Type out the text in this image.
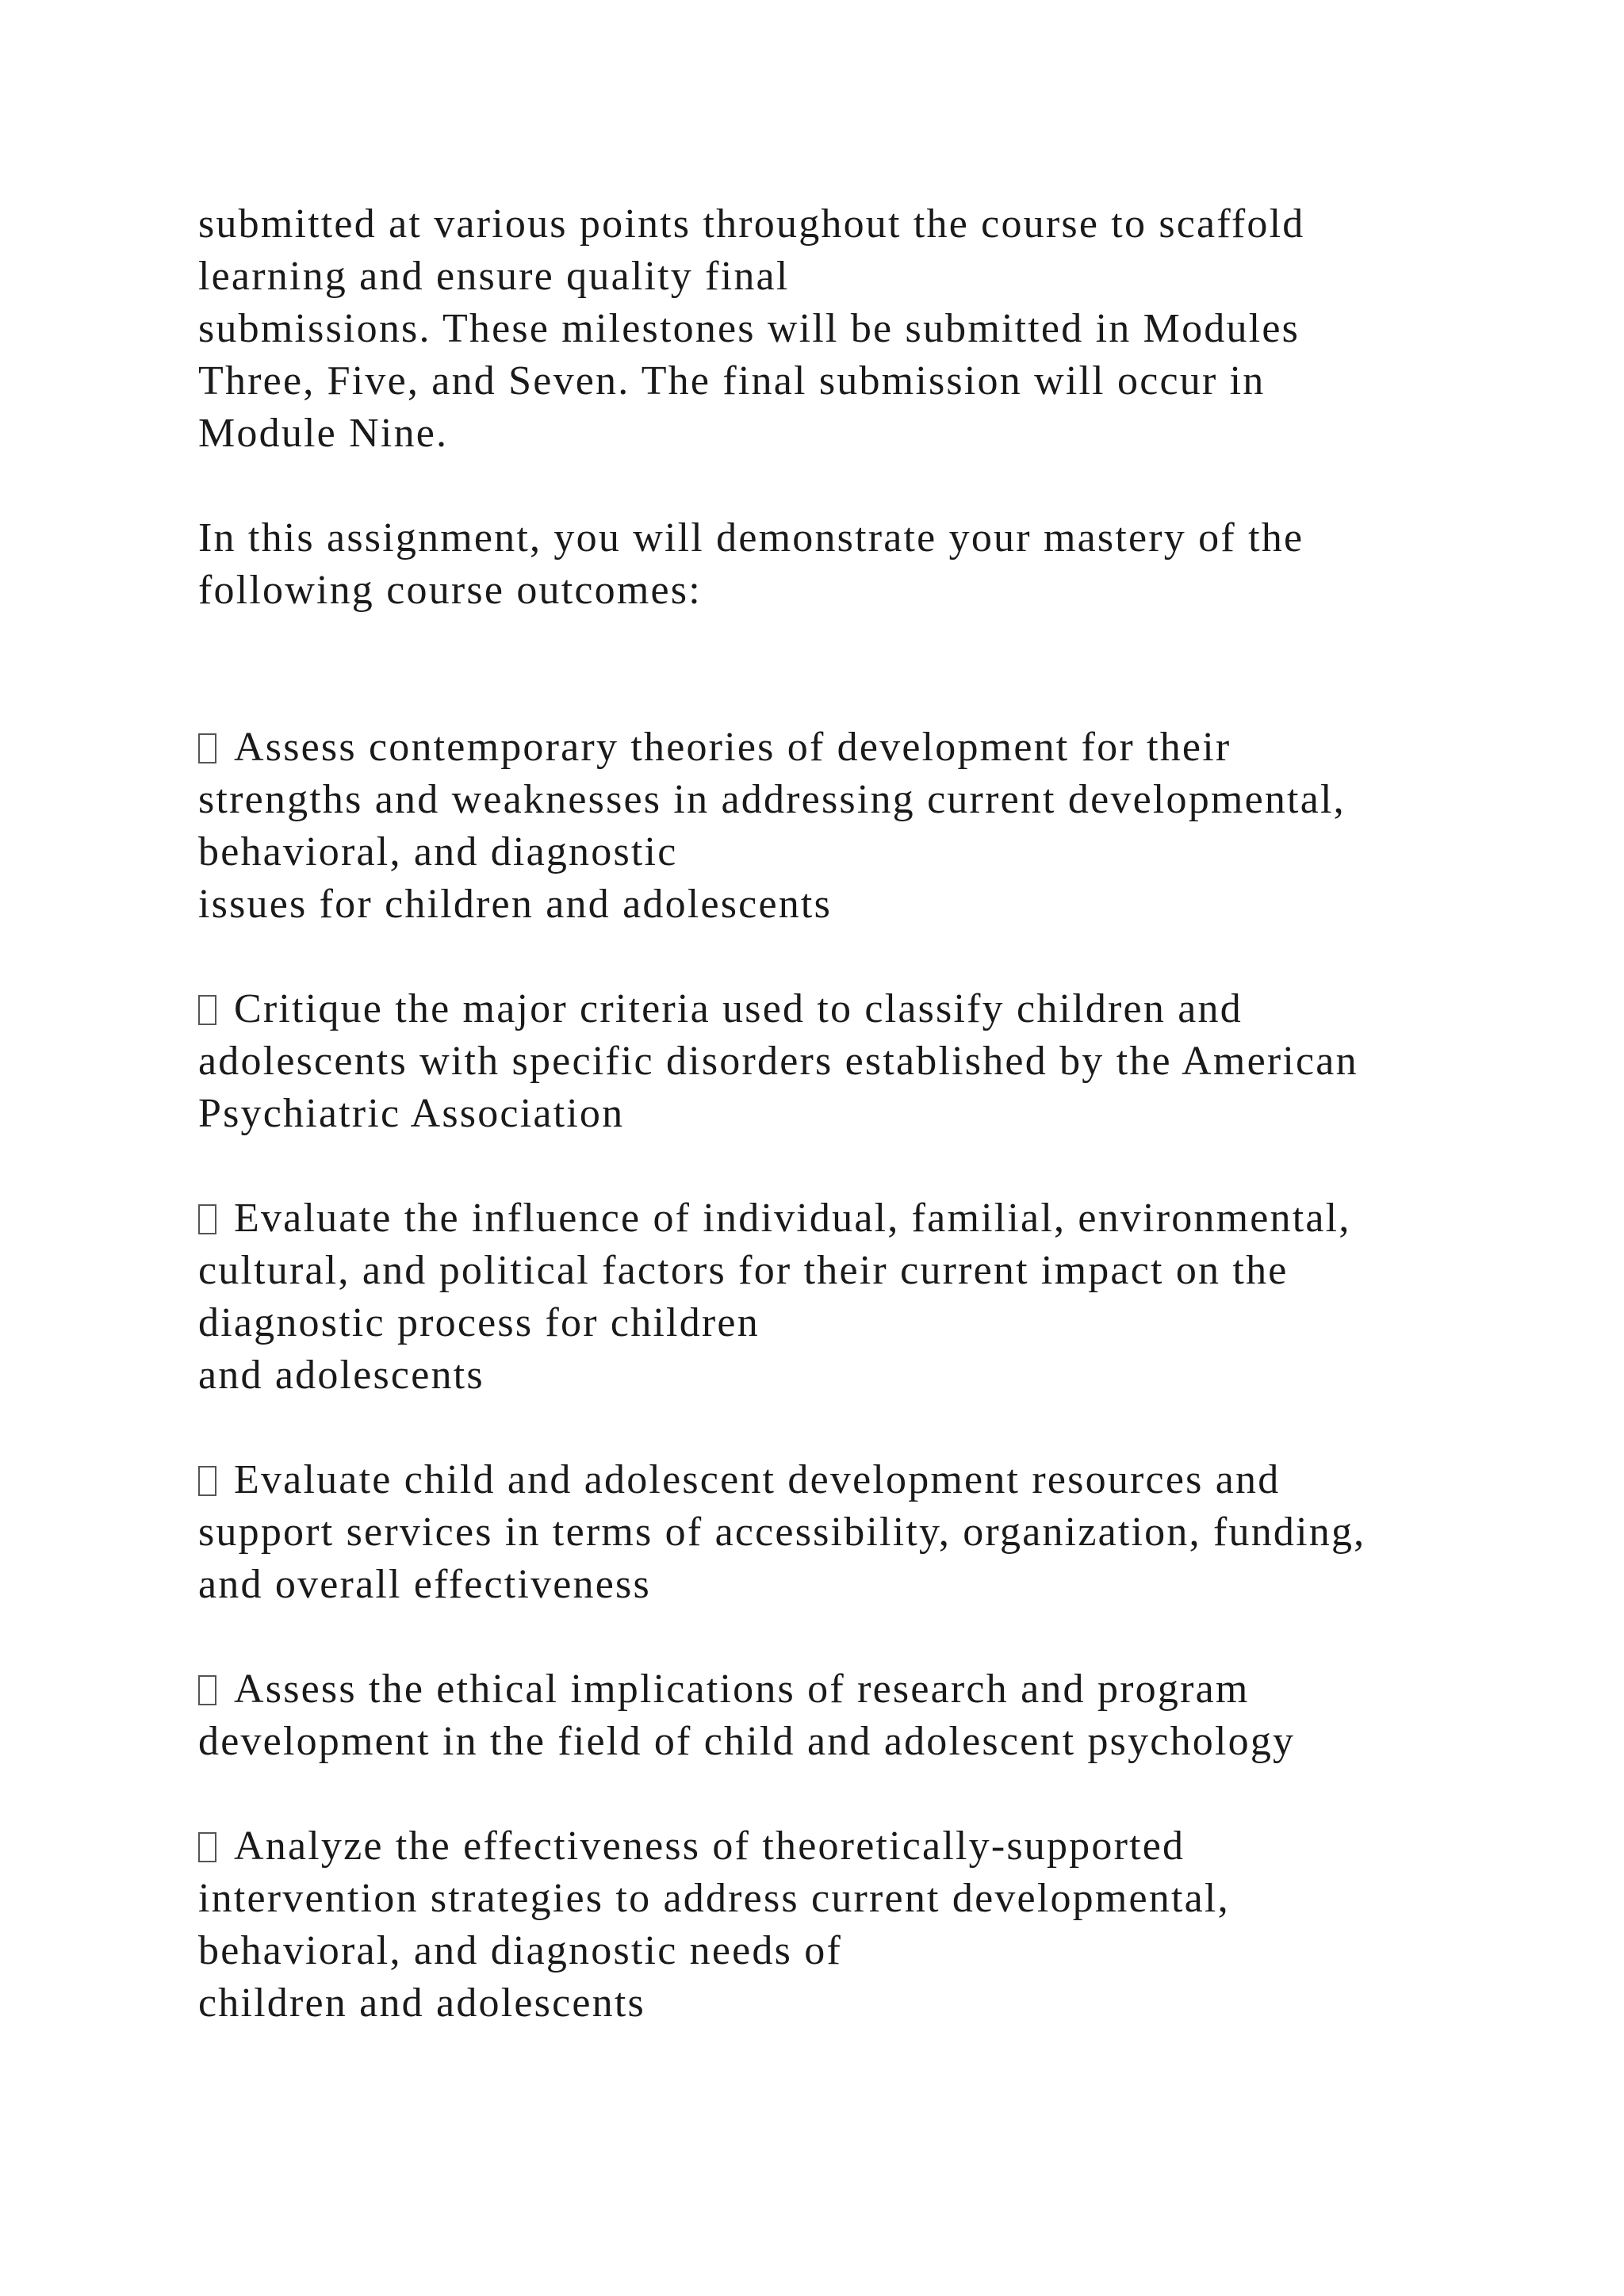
submitted at various points throughout the course to scaffold
learning and ensure quality final
submissions. These milestones will be submitted in Modules
Three, Five, and Seven. The final submission will occur in
Module Nine.

In this assignment, you will demonstrate your mastery of the
following course outcomes:

Assess contemporary theories of development for their
strengths and weaknesses in addressing current developmental,
behavioral, and diagnostic
issues for children and adolescents

Critique the major criteria used to classify children and
adolescents with specific disorders established by the American
Psychiatric Association

Evaluate the influence of individual, familial, environmental,
cultural, and political factors for their current impact on the
diagnostic process for children
and adolescents

Evaluate child and adolescent development resources and
support services in terms of accessibility, organization, funding,
and overall effectiveness

Assess the ethical implications of research and program
development in the field of child and adolescent psychology

Analyze the effectiveness of theoretically-supported
intervention strategies to address current developmental,
behavioral, and diagnostic needs of
children and adolescents
